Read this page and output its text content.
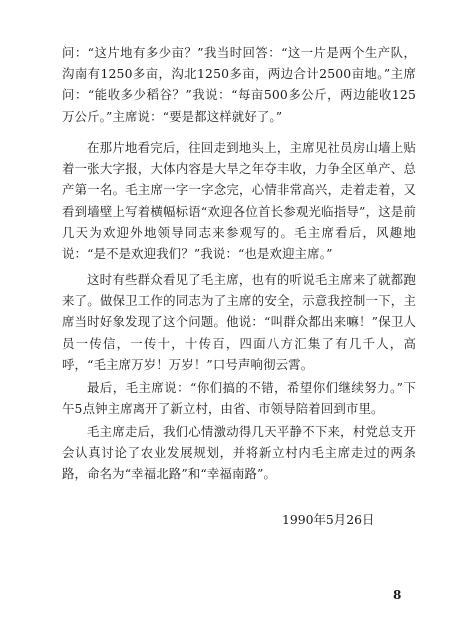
问：“这片地有多少亩？”我当时回答：“这一片是两个生产队，沟南有1250多亩，沟北1250多亩，两边合计2500亩地。”主席问：“能收多少稻谷？”我说：“每亩500多公斤，两边能收125万公斤。”主席说：“要是都这样就好了。”

在那片地看完后，往回走到地头上，主席见社员房山墙上贴着一张大字报，大体内容是大旱之年夺丰收，力争全区单产、总产第一名。毛主席一字一字念完，心情非常高兴，走着走着，又看到墙壁上写着横幅标语“欢迎各位首长参观光临指导”，这是前几天为欢迎外地领导同志来参观写的。毛主席看后，风趣地说：“是不是欢迎我们？”我说：“也是欢迎主席。”

这时有些群众看见了毛主席，也有的听说毛主席来了就都跑来了。做保卫工作的同志为了主席的安全，示意我控制一下，主席当时好象发现了这个问题。他说：“叫群众都出来嘛！”保卫人员一传信，一传十，十传百，四面八方汇集了有几千人，高呼，“毛主席万岁！万岁！”口号声响彻云霄。

最后，毛主席说：“你们搞的不错，希望你们继续努力。”下午5点钟主席离开了新立村，由省、市领导陪着回到市里。

毛主席走后，我们心情激动得几天平静不下来，村党总支开会认真讨论了农业发展规划，并将新立村内毛主席走过的两条路，命名为“幸福北路”和“幸福南路”。

1990年5月26日

8
